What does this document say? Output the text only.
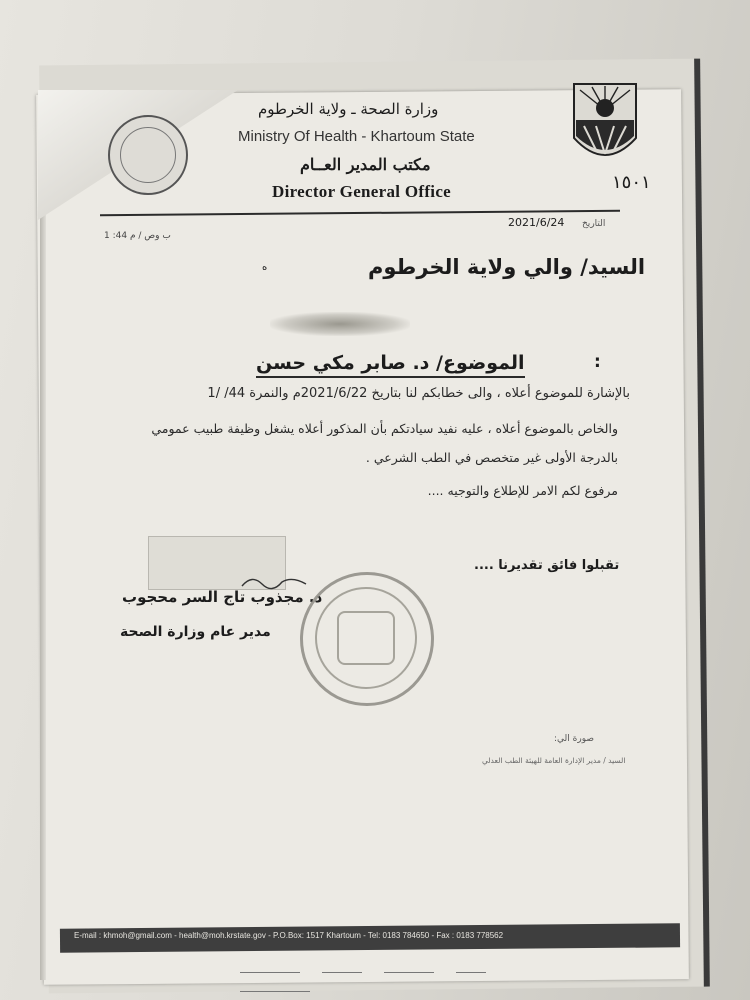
وزارة الصحة ـ ولاية الخرطوم
Ministry Of Health - Khartoum State
مكتب المدير العــام
Director General Office	١٥٠١
التاريخ
2021/6/24
1 :44 ب وص / م
السيد/ والي ولاية الخرطوم
ه
:
الموضوع/ د. صابر مكي حسن
بالإشارة للموضوع أعلاه ، والى خطابكم لنا بتاريخ 2021/6/22م والنمرة 44/ /1
والخاص بالموضوع أعلاه ، عليه نفيد سيادتكم بأن المذكور أعلاه يشغل وظيفة طبيب عمومي
بالدرجة الأولى غير متخصص في الطب الشرعي .
مرفوع لكم الامر للإطلاع والتوجيه ....
تقبلوا فائق تقديرنا ....
د. مجذوب تاج السر محجوب
مدير عام وزارة الصحة
صورة الي:
السيد / مدير الإدارة العامة للهيئة الطب العدلي
E-mail : khmoh@gmail.com - health@moh.krstate.gov - P.O.Box: 1517 Khartoum - Tel: 0183 784650 - Fax : 0183 778562
